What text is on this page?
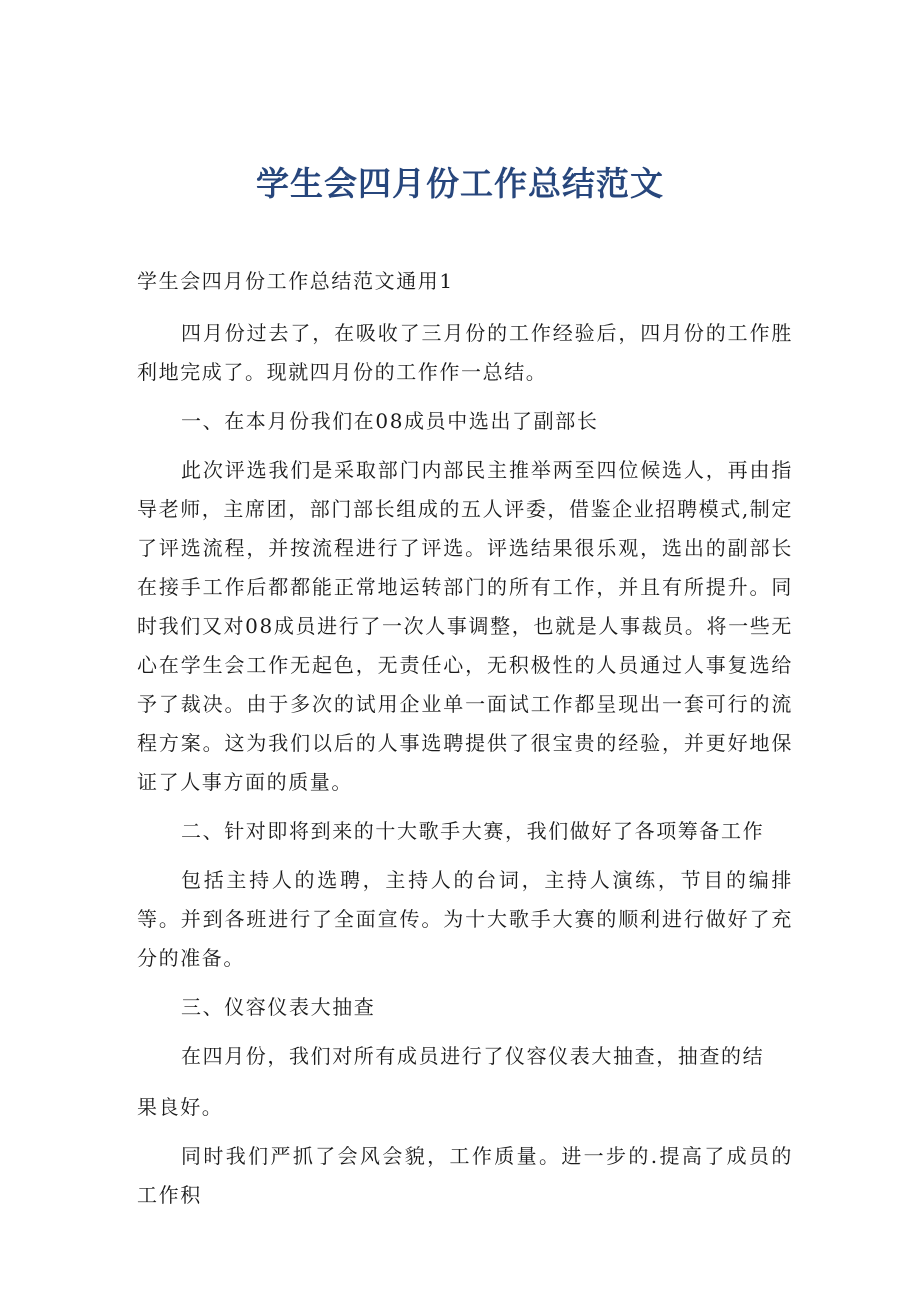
学生会四月份工作总结范文

学生会四月份工作总结范文通用1

四月份过去了，在吸收了三月份的工作经验后，四月份的工作胜利地完成了。现就四月份的工作作一总结。

一、在本月份我们在08成员中选出了副部长

此次评选我们是采取部门内部民主推举两至四位候选人，再由指导老师，主席团，部门部长组成的五人评委，借鉴企业招聘模式,制定了评选流程，并按流程进行了评选。评选结果很乐观，选出的副部长在接手工作后都都能正常地运转部门的所有工作，并且有所提升。同时我们又对08成员进行了一次人事调整，也就是人事裁员。将一些无心在学生会工作无起色，无责任心，无积极性的人员通过人事复选给予了裁决。由于多次的试用企业单一面试工作都呈现出一套可行的流程方案。这为我们以后的人事选聘提供了很宝贵的经验，并更好地保证了人事方面的质量。

二、针对即将到来的十大歌手大赛，我们做好了各项筹备工作

包括主持人的选聘，主持人的台词，主持人演练，节目的编排等。并到各班进行了全面宣传。为十大歌手大赛的顺利进行做好了充分的准备。

三、仪容仪表大抽查

在四月份，我们对所有成员进行了仪容仪表大抽查，抽查的结

果良好。

同时我们严抓了会风会貌，工作质量。进一步的.提高了成员的工作积
